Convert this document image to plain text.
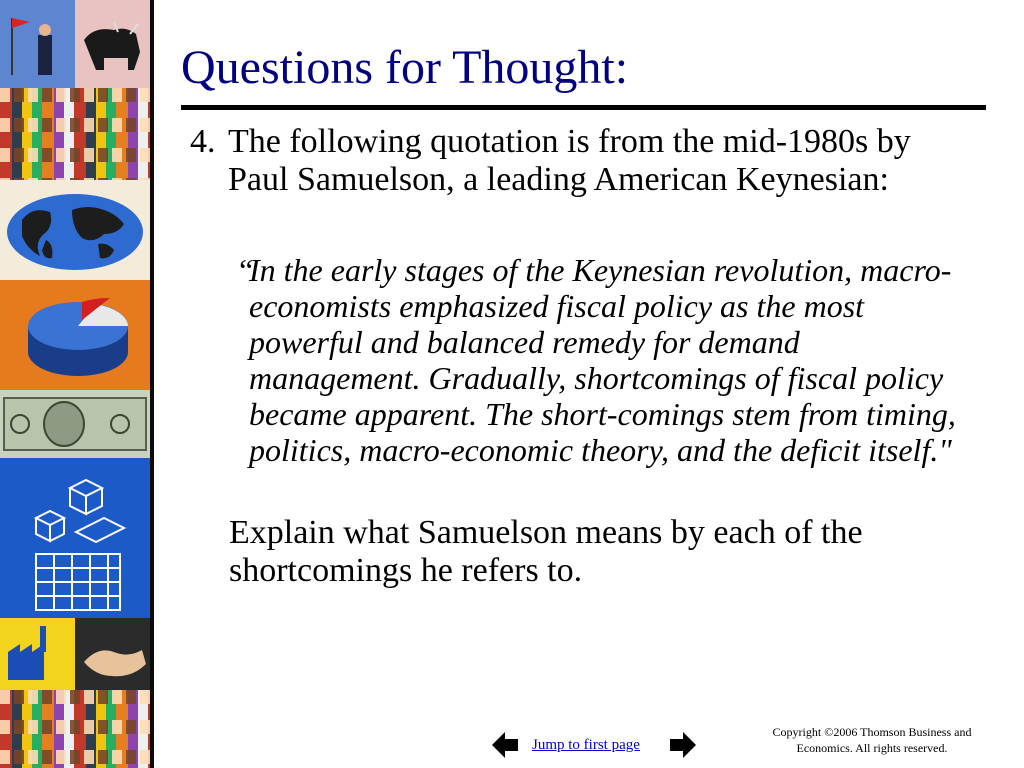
Questions for Thought:
4. The following quotation is from the mid-1980s by Paul Samuelson, a leading American Keynesian:
“
In the early stages of the Keynesian revolution, macro-economists emphasized fiscal policy as the most powerful and balanced remedy for demand management. Gradually, shortcomings of fiscal policy became apparent. The short-comings stem from timing, politics, macro-economic theory, and the deficit itself."
Explain what Samuelson means by each of the shortcomings he refers to.
Jump to first page
Copyright ©2006 Thomson Business and
Economics. All rights reserved.
